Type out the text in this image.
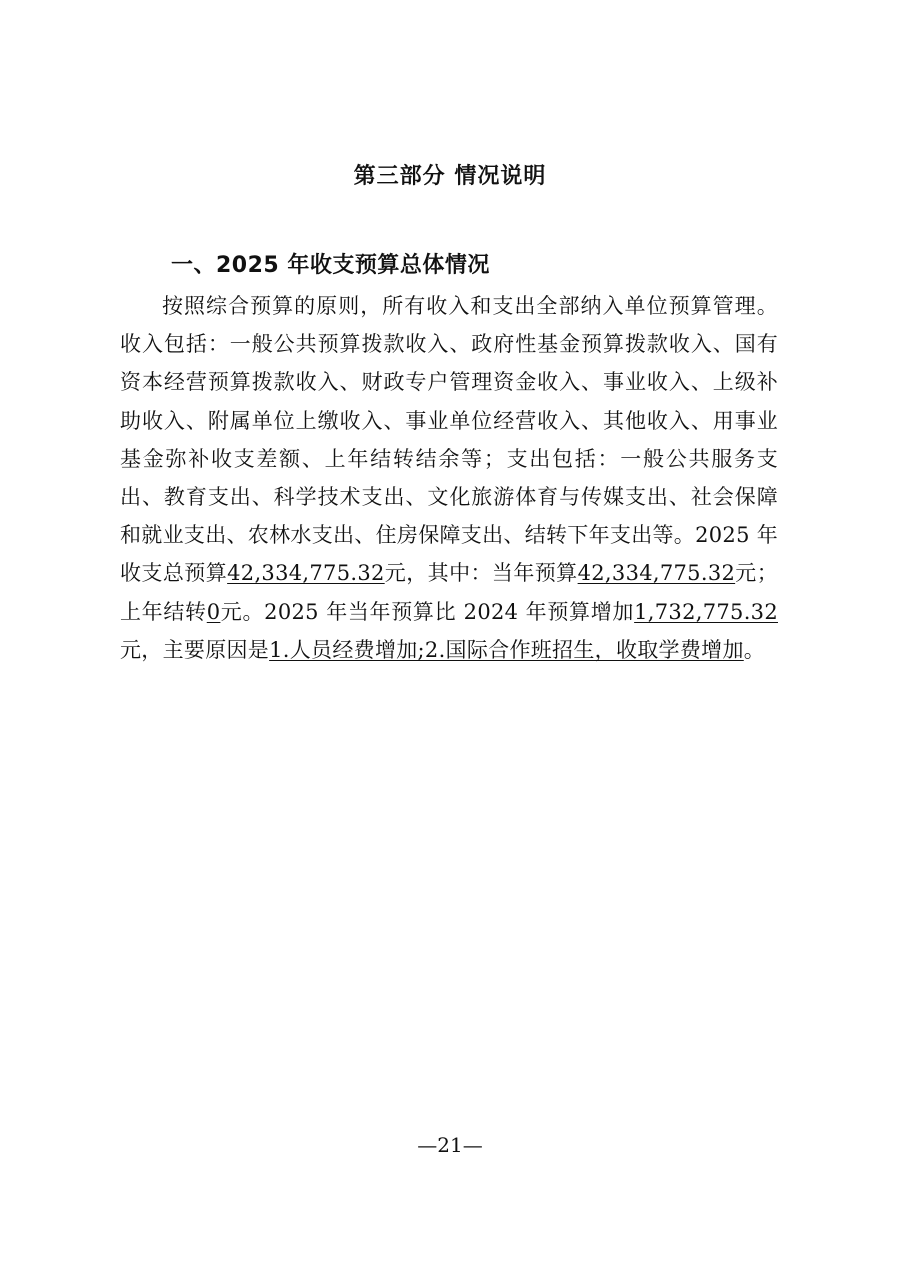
第三部分 情况说明
一、2025 年收支预算总体情况

按照综合预算的原则，所有收入和支出全部纳入单位预算管理。收入包括：一般公共预算拨款收入、政府性基金预算拨款收入、国有资本经营预算拨款收入、财政专户管理资金收入、事业收入、上级补助收入、附属单位上缴收入、事业单位经营收入、其他收入、用事业基金弥补收支差额、上年结转结余等；支出包括：一般公共服务支出、教育支出、科学技术支出、文化旅游体育与传媒支出、社会保障和就业支出、农林水支出、住房保障支出、结转下年支出等。2025 年收支总预算42,334,775.32元，其中：当年预算42,334,775.32元；上年结转0元。2025 年当年预算比 2024 年预算增加1,732,775.32元，主要原因是1.人员经费增加;2.国际合作班招生，收取学费增加。

—21—
